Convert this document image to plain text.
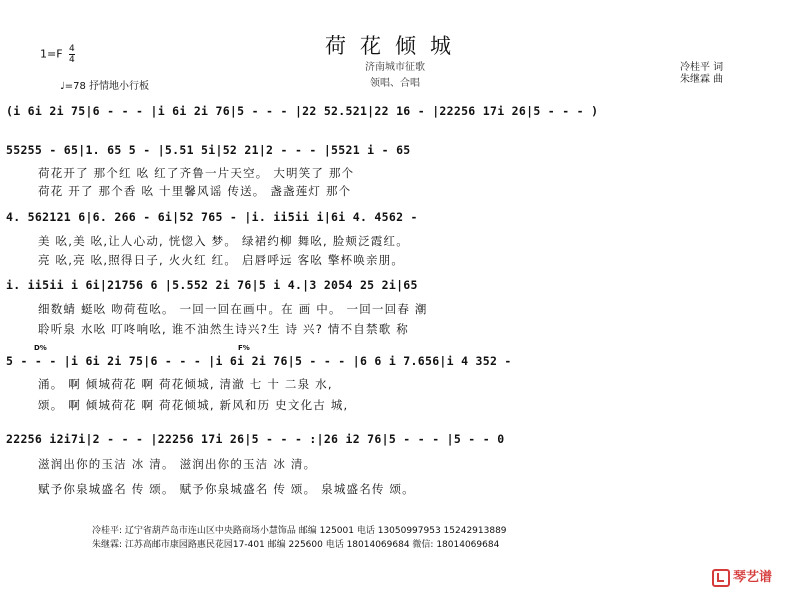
荷花倾城
济南城市征歌
领唱、合唱
$1=F \frac{4}{4}$
♩=78 抒情地小行板
冷桂平 词
朱继霖 曲
(i 6i 2i 75|6 - - - |i 6i 2i 76|5 - - - |22 52.521|22 16 - |22256 17i 26|5 - - - )
55255 - 65|1. 65 5 - |5.51 5i|52 21|2 - - - |5521 i - 65
荷花开了 那个红 吆 红了齐鲁一片天空。 大明笑了 那个
荷花 开了 那个香 吆 十里馨风谣 传送。 盏盏莲灯 那个
4. 562121 6|6. 266 - 6i|52 765 - |i. ii5ii i|6i 4. 4562 -
美 吆,美 吆,让人心动, 恍惚入 梦。 绿裙约柳 舞吆, 脸颊泛霞红。
亮 吆,亮 吆,照得日子, 火火红 红。 启唇呼远 客吆 擎杯唤亲朋。
i. ii5ii i 6i|21756 6 |5.552 2i 76|5 i 4.|3 2054 25 2i|65
细数蜻 蜓吆 吻荷苞吆。 一回一回在画中。在 画 中。 一回一回春 潮
聆听泉 水吆 叮咚响吆, 谁不油然生诗兴?生 诗 兴? 情不自禁歌 称
D%	F%
5 - - - |i 6i 2i 75|6 - - - |i 6i 2i 76|5 - - - |6 6 i 7.656|i 4 352 -
涌。 啊 倾城荷花 啊 荷花倾城, 清澈 七 十 二泉 水,
颂。 啊 倾城荷花 啊 荷花倾城, 新风和历 史文化古 城,
22256 i2i7i|2 - - - |22256 17i 26|5 - - - :|26 i2 76|5 - - - |5 - - 0
滋润出你的玉洁 冰 清。 滋润出你的玉洁 冰 清。
赋予你泉城盛名 传 颂。 赋予你泉城盛名 传 颂。 泉城盛名传 颂。
冷桂平: 辽宁省葫芦岛市连山区中央路商场小慧饰品 邮编 125001 电话 13050997953 15242913889
朱继霖: 江苏高邮市康园路惠民花园17-401 邮编 225600 电话 18014069684 微信: 18014069684
琴艺谱
